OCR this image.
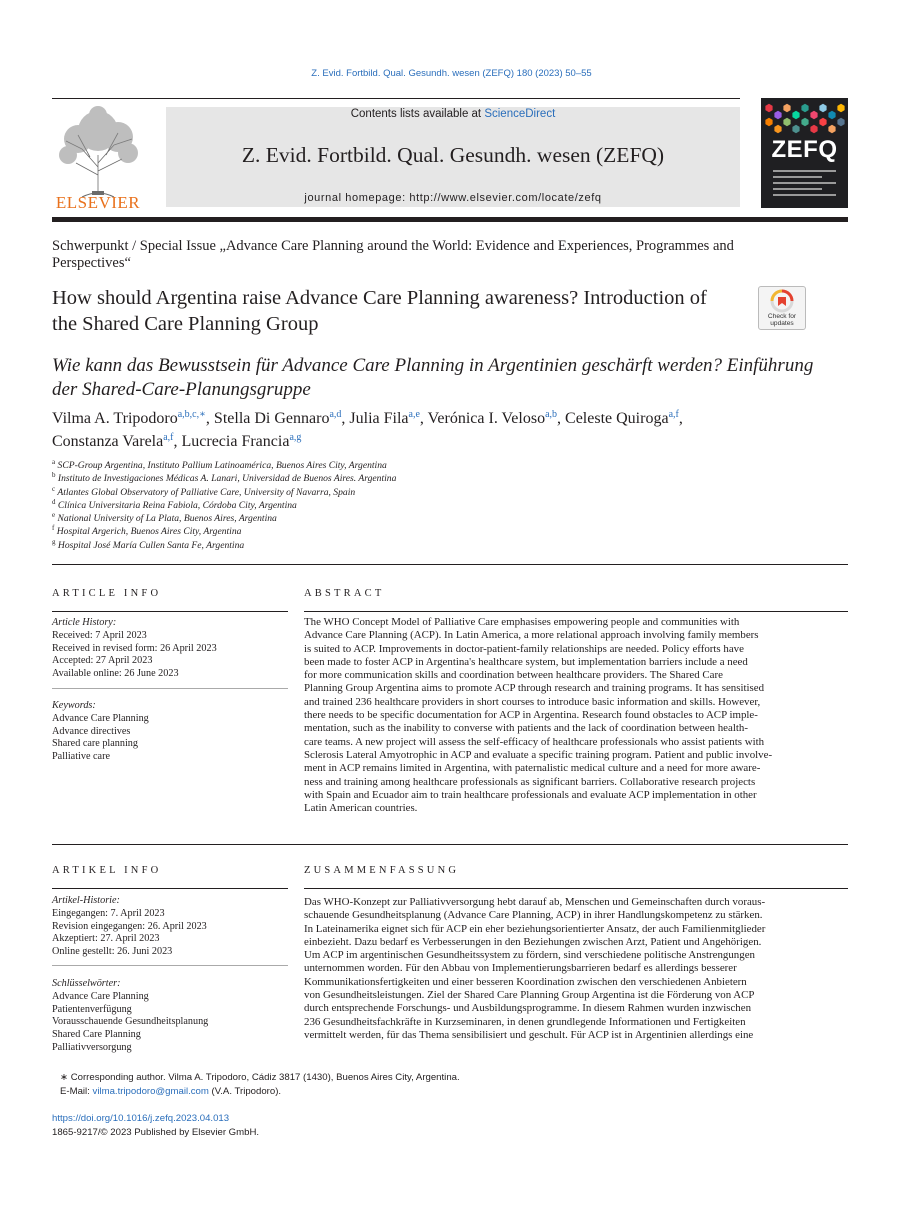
Z. Evid. Fortbild. Qual. Gesundh. wesen (ZEFQ) 180 (2023) 50–55
ELSEVIER
Contents lists available at ScienceDirect
Z. Evid. Fortbild. Qual. Gesundh. wesen (ZEFQ)
journal homepage: http://www.elsevier.com/locate/zefq
ZEFQ
Schwerpunkt / Special Issue „Advance Care Planning around the World: Evidence and Experiences, Programmes and Perspectives“
How should Argentina raise Advance Care Planning awareness? Introduction of the Shared Care Planning Group	Check for updates
Wie kann das Bewusstsein für Advance Care Planning in Argentinien geschärft werden? Einführung der Shared-Care-Planungsgruppe
Vilma A. Tripodoro$^{a,b,c,∗}$, Stella Di Gennaro$^{a,d}$, Julia Fila$^{a,e}$, Verónica I. Veloso$^{a,b}$, Celeste Quiroga$^{a,f}$,
Constanza Varela$^{a,f}$, Lucrecia Francia$^{a,g}$
$^a$ SCP-Group Argentina, Instituto Pallium Latinoamérica, Buenos Aires City, Argentina
$^b$ Instituto de Investigaciones Médicas A. Lanari, Universidad de Buenos Aires. Argentina
$^c$ Atlantes Global Observatory of Palliative Care, University of Navarra, Spain
$^d$ Clínica Universitaria Reina Fabiola, Córdoba City, Argentina
$^e$ National University of La Plata, Buenos Aires, Argentina
$^f$ Hospital Argerich, Buenos Aires City, Argentina
$^g$ Hospital José María Cullen Santa Fe, Argentina
ARTICLE INFO
Article History:
Received: 7 April 2023
Received in revised form: 26 April 2023
Accepted: 27 April 2023
Available online: 26 June 2023
Keywords:
Advance Care Planning
Advance directives
Shared care planning
Palliative care
ABSTRACT
The WHO Concept Model of Palliative Care emphasises empowering people and communities with
Advance Care Planning (ACP). In Latin America, a more relational approach involving family members
is suited to ACP. Improvements in doctor-patient-family relationships are needed. Policy efforts have
been made to foster ACP in Argentina's healthcare system, but implementation barriers include a need
for more communication skills and coordination between healthcare providers. The Shared Care
Planning Group Argentina aims to promote ACP through research and training programs. It has sensitised
and trained 236 healthcare providers in short courses to introduce basic information and skills. However,
there needs to be specific documentation for ACP in Argentina. Research found obstacles to ACP imple-
mentation, such as the inability to converse with patients and the lack of coordination between health-
care teams. A new project will assess the self-efficacy of healthcare professionals who assist patients with
Sclerosis Lateral Amyotrophic in ACP and evaluate a specific training program. Patient and public involve-
ment in ACP remains limited in Argentina, with paternalistic medical culture and a need for more aware-
ness and training among healthcare professionals as significant barriers. Collaborative research projects
with Spain and Ecuador aim to train healthcare professionals and evaluate ACP implementation in other
Latin American countries.
ARTIKEL INFO
Artikel-Historie:
Eingegangen: 7. April 2023
Revision eingegangen: 26. April 2023
Akzeptiert: 27. April 2023
Online gestellt: 26. Juni 2023
Schlüsselwörter:
Advance Care Planning
Patientenverfügung
Vorausschauende Gesundheitsplanung
Shared Care Planning
Palliativversorgung
ZUSAMMENFASSUNG
Das WHO-Konzept zur Palliativversorgung hebt darauf ab, Menschen und Gemeinschaften durch voraus-
schauende Gesundheitsplanung (Advance Care Planning, ACP) in ihrer Handlungskompetenz zu stärken.
In Lateinamerika eignet sich für ACP ein eher beziehungsorientierter Ansatz, der auch Familienmitglieder
einbezieht. Dazu bedarf es Verbesserungen in den Beziehungen zwischen Arzt, Patient und Angehörigen.
Um ACP im argentinischen Gesundheitssystem zu fördern, sind verschiedene politische Anstrengungen
unternommen worden. Für den Abbau von Implementierungsbarrieren bedarf es allerdings besserer
Kommunikationsfertigkeiten und einer besseren Koordination zwischen den verschiedenen Anbietern
von Gesundheitsleistungen. Ziel der Shared Care Planning Group Argentina ist die Förderung von ACP
durch entsprechende Forschungs- und Ausbildungsprogramme. In diesem Rahmen wurden inzwischen
236 Gesundheitsfachkräfte in Kurzseminaren, in denen grundlegende Informationen und Fertigkeiten
vermittelt werden, für das Thema sensibilisiert und geschult. Für ACP ist in Argentinien allerdings eine
∗ Corresponding author. Vilma A. Tripodoro, Cádiz 3817 (1430), Buenos Aires City, Argentina.
E-Mail: vilma.tripodoro@gmail.com (V.A. Tripodoro).
https://doi.org/10.1016/j.zefq.2023.04.013
1865-9217/© 2023 Published by Elsevier GmbH.
